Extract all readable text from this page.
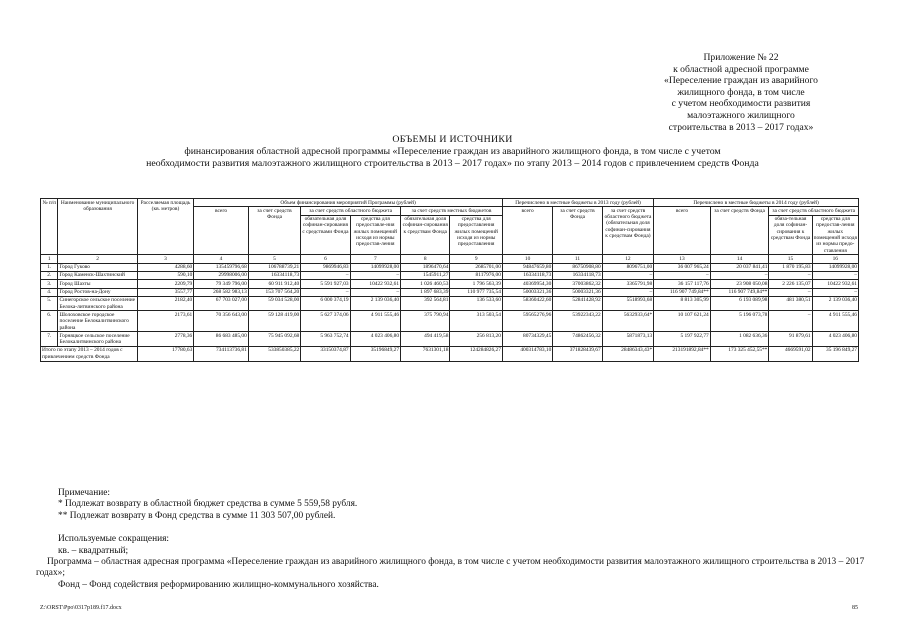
Приложение № 22
к областной адресной программе
«Переселение граждан из аварийного
жилищного фонда, в том числе
с учетом необходимости развития
малоэтажного жилищного
строительства в 2013 – 2017 годах»
ОБЪЕМЫ И ИСТОЧНИКИ
финансирования областной адресной программы «Переселение граждан из аварийного жилищного фонда, в том числе с учетом
необходимости развития малоэтажного жилищного строительства в 2013 – 2017 годах» по этапу 2013 – 2014 годов с привлечением средств Фонда
№ п/п	Наименование муниципального образования	Расселяемая площадь (кв. метров)	Объем финансирования мероприятий Программы (рублей)						Перечислено в местные бюджеты в 2013 году (рублей)			Перечислено в местные бюджеты в 2014 году (рублей)			
			всего	за счет средств Фонда	за счет средств областного бюджета		за счет средств местных бюджетов		всего	за счет средств Фонда	за счет средств областного бюджета (обязательная доля софинан-сирования к средствам Фонда)	всего	за счет средств Фонда	за счет средств областного бюджета	
					обязательная доля софинан-сирования с средствами Фонда	средства для предоставле-ния жилых помещений исходя из нормы предостав-ления	обязательная доля софинан-сирования к средствам Фонда	средства для предоставления жилых помещений исходя из нормы предоставления						обяза-тельная доля софинан-сирования к средствам Фонда	средства для предостав-ления жилых помещений исходя из нормы предо-ставления
1	2	3	4	5	6	7	8	9	10	11	12	13	14	15	16
1.	Город Гуково	4288,60	135459796,68	106788739,21	9869946,83	14099928,00	1896470,64	2685701,00	94847659,80	86750908,80	8096751,00	36 007 965,24	20 037 841,41	1 870 195,83	14099928,00
2.	Город Каменск-Шахтинский	590,10	29998006,00	16334118,73	–	–	1545911,27	8117976,00	16334118,73	16334118,73	–	–	–	–	–
3.	Город Шахты	2209,79	79 349 796,00	60 911 912,40	5 591 927,03	10422 932,61	1 026 460,53	1 796 563,39	40369954,30	37003862,32	3365791,98	36 157 117,76	23 908 050,08	2 226 135,07	10422 932,61
4.	Город Ростов-на-Дону	3557,77	268 582 983,13	153 707 564,20	–	–	1 897 683,39	110 977 735,54	50003321,36	50003321,36	–	116 907 749,84**	116 907 749,84**	–	–
5.	Синегорское сельское поселение Белока-литвинского района	2182,40	67 703 027,00	59 034 528,00	6 000 374,19	2 139 036,40	392 564,81	136 533,60	58360422,60	52841428,92	5518993,68	8 813 305,99	6 193 089,98	481 380,51	2 139 036,40
6.	Шолоховское городское поселение Белокалитвинского района	2173,61	70 356 643,00	59 128 419,00	5 627 374,06	4 911 555,46	375 790,94	313 503,54	59565276,96	53922343,22	5632933,64*	10 107 621,24	5 196 073,78	–	4 911 555,46
7.	Горняцкое сельское поселение Белокалитвинского района	2778,36	86 683 485,00	75 945 092,68	5 963 752,74	4 023 406,80	494 419,58	256 813,20	80734329,45	74862456,32	5871873,13	5 197 922,77	1 082 636,36	91 879,61	4 023 406,80
Итого по этапу 2013 – 2014 годов с привлечением средств Фонда		17780,63	734113736,81	533850385,22	33150374,87	35196849,27	7631301,18	124284826,27	400314783,10	371828439,67	28486343,43*	213191892,84**	173 325 452,55**	4669591,02	35 196 849,27

Примечание:

* Подлежат возврату в областной бюджет средства в сумме 5 559,58 рубля.

** Подлежат возврату в Фонд средства в сумме 11 303 507,00 рублей.

Используемые сокращения:

кв. – квадратный;

Программа – областная адресная программа «Переселение граждан из аварийного жилищного фонда, в том числе с учетом необходимости развития малоэтажного жилищного строительства в 2013 – 2017 годах»;

Фонд – Фонд содействия реформированию жилищно-коммунального хозяйства.

Z:\ORST\Ppo\0317p189.f17.docx	85
